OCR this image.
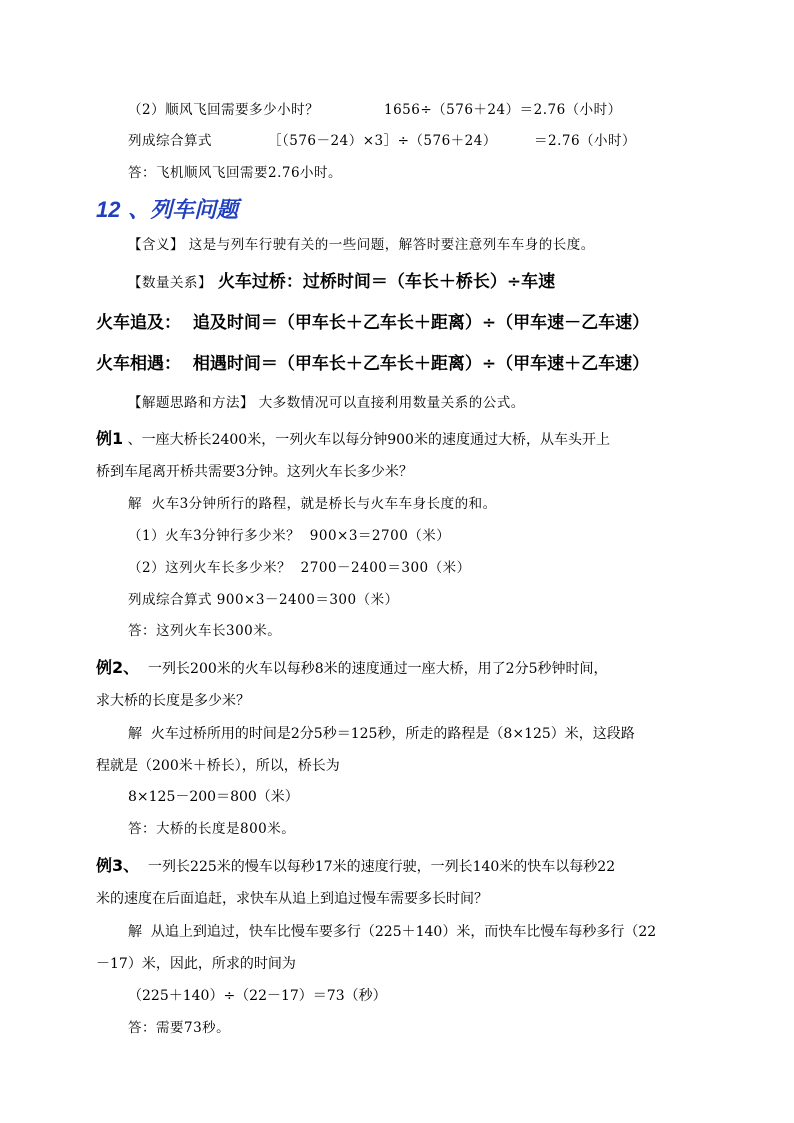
（2）顺风飞回需要多少小时？	1656÷（576＋24）＝2.76（小时）
列成综合算式	［（576－24）×3］÷（576＋24）	＝2.76（小时）
答：飞机顺风飞回需要2.76小时。
12 、列车问题
【含义】 这是与列车行驶有关的一些问题，解答时要注意列车车身的长度。
【数量关系】 火车过桥：过桥时间＝（车长＋桥长）÷车速
火车追及：  追及时间＝（甲车长＋乙车长＋距离）÷（甲车速－乙车速）
火车相遇：  相遇时间＝（甲车长＋乙车长＋距离）÷（甲车速＋乙车速）
【解题思路和方法】 大多数情况可以直接利用数量关系的公式。
例1 、一座大桥长2400米，一列火车以每分钟900米的速度通过大桥，从车头开上
桥到车尾离开桥共需要3分钟。这列火车长多少米？
解  火车3分钟所行的路程，就是桥长与火车车身长度的和。
（1）火车3分钟行多少米？  900×3＝2700（米）
（2）这列火车长多少米？  2700－2400＝300（米）
列成综合算式 900×3－2400＝300（米）
答：这列火车长300米。
例2、  一列长200米的火车以每秒8米的速度通过一座大桥，用了2分5秒钟时间，
求大桥的长度是多少米？
解  火车过桥所用的时间是2分5秒＝125秒，所走的路程是（8×125）米，这段路
程就是（200米＋桥长），所以，桥长为
8×125－200＝800（米）
答：大桥的长度是800米。
例3、  一列长225米的慢车以每秒17米的速度行驶，一列长140米的快车以每秒22
米的速度在后面追赶，求快车从追上到追过慢车需要多长时间？
解  从追上到追过，快车比慢车要多行（225＋140）米，而快车比慢车每秒多行（22
－17）米，因此，所求的时间为
（225＋140）÷（22－17）＝73（秒）
答：需要73秒。
